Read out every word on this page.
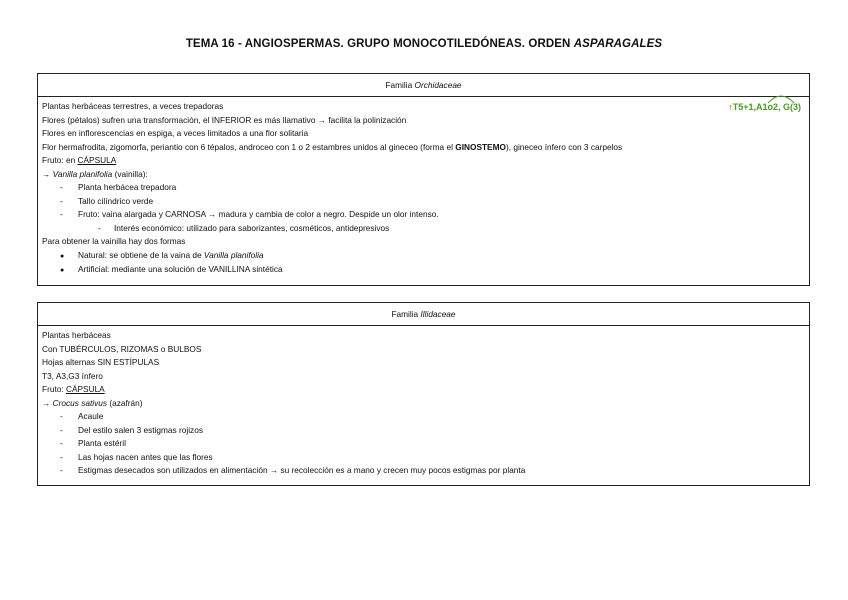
TEMA 16 - ANGIOSPERMAS. GRUPO MONOCOTILEDÓNEAS. ORDEN ASPARAGALES
Familia Orchidaceae
↑T5+1,A1o2, G(3)
Plantas herbáceas terrestres, a veces trepadoras
Flores (pétalos) sufren una transformación, el INFERIOR es más llamativo → facilita la polinización
Flores en inflorescencias en espiga, a veces limitados a una flor solitaria
Flor hermafrodita, zigomorfa, periantio con 6 tépalos, androceo con 1 o 2 estambres unidos al gineceo (forma el GINOSTEMO), gineceo ínfero con 3 carpelos
Fruto: en CÁPSULA
→ Vanilla planifolia (vainilla):
- Planta herbácea trepadora
- Tallo cilíndrico verde
- Fruto: vaina alargada y CARNOSA → madura y cambia de color a negro. Despide un olor intenso.
- Interés económico: utilizado para saborizantes, cosméticos, antidepresivos
Para obtener la vainilla hay dos formas
● Natural: se obtiene de la vaina de Vanilla planifolia
● Artificial: mediante una solución de VANILLINA sintética
Familia Illidaceae
Plantas herbáceas
Con TUBÉRCULOS, RIZOMAS o BULBOS
Hojas alternas SIN ESTÍPULAS
T3, A3,G3 ínfero
Fruto: CÁPSULA
→ Crocus sativus (azafrán)
- Acaule
- Del estilo salen 3 estigmas rojizos
- Planta estéril
- Las hojas nacen antes que las flores
- Estigmas desecados son utilizados en alimentación → su recolección es a mano y crecen muy pocos estigmas por planta
